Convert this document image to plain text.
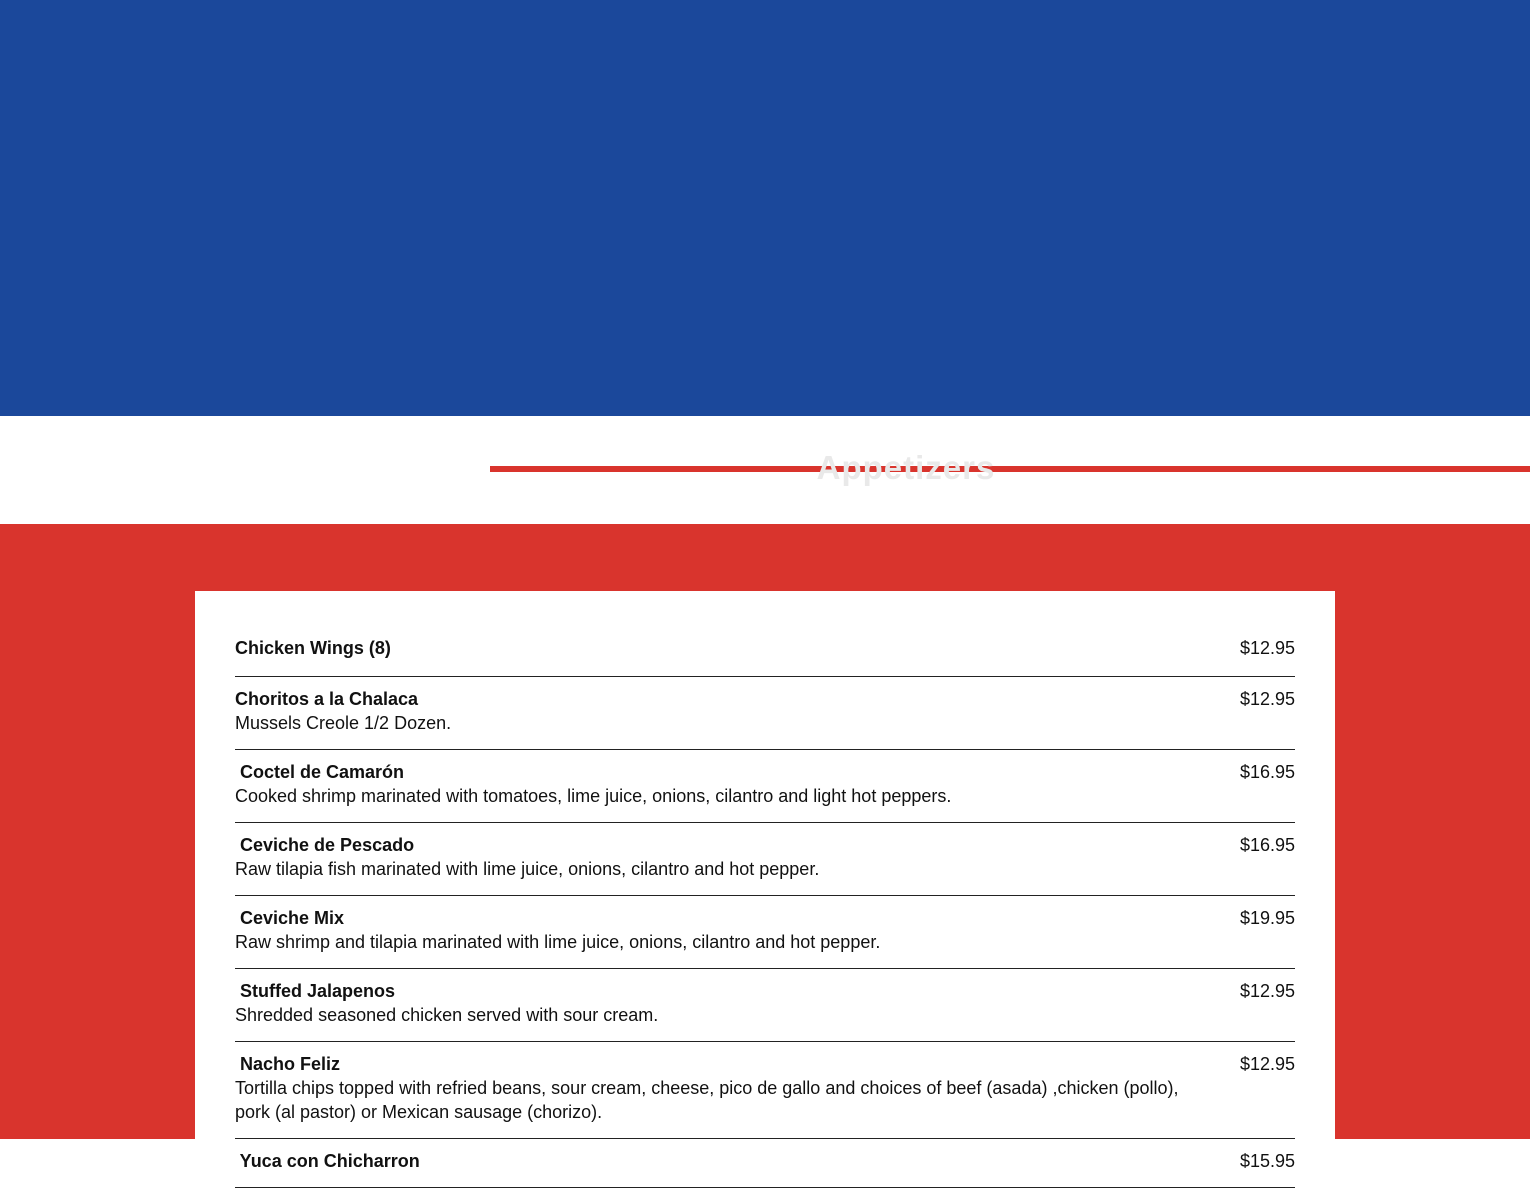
Appetizers
Chicken Wings (8)	$12.95
Choritos a la Chalaca
Mussels Creole 1/2 Dozen.
$12.95
Coctel de Camarón
Cooked shrimp marinated with tomatoes, lime juice, onions, cilantro and light hot peppers.
$16.95
Ceviche de Pescado
Raw tilapia fish marinated with lime juice, onions, cilantro and hot pepper.
$16.95
Ceviche Mix
Raw shrimp and tilapia marinated with lime juice, onions, cilantro and hot pepper.
$19.95
Stuffed Jalapenos
Shredded seasoned chicken served with sour cream.
$12.95
Nacho Feliz
Tortilla chips topped with refried beans, sour cream, cheese, pico de gallo and choices of beef (asada) ,chicken (pollo), pork (al pastor) or Mexican sausage (chorizo).
$12.95
Yuca con Chicharron	$15.95
